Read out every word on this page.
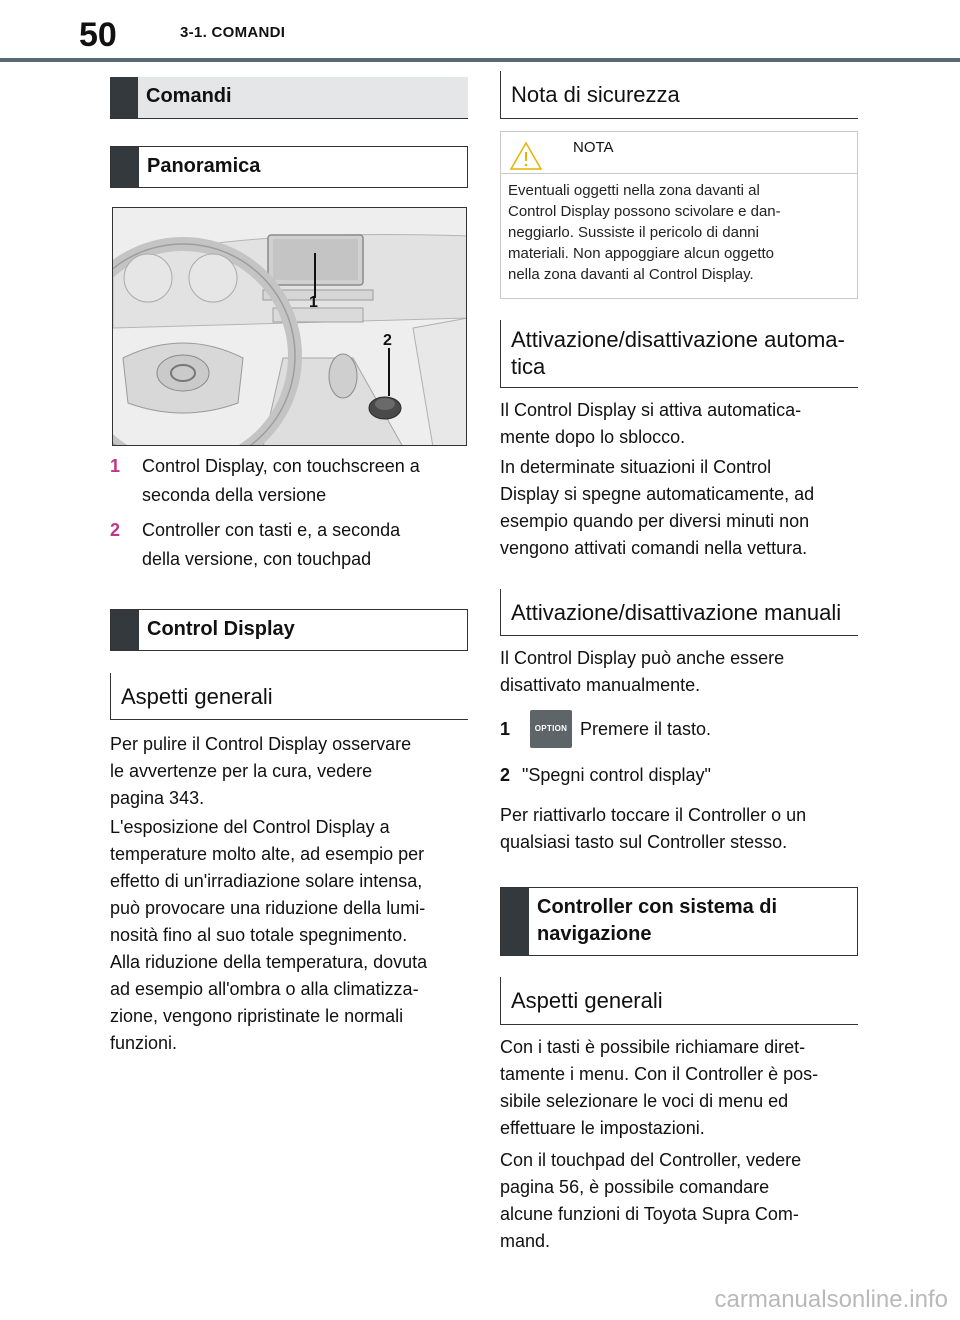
50	3-1. COMANDI
Comandi
Panoramica
1
2
1	Control Display, con touchscreen a
seconda della versione
2	Controller con tasti e, a seconda
della versione, con touchpad
Control Display
Aspetti generali
Per pulire il Control Display osservare
le avvertenze per la cura, vedere
pagina 343.
L'esposizione del Control Display a
temperature molto alte, ad esempio per
effetto di un'irradiazione solare intensa,
può provocare una riduzione della lumi-
nosità fino al suo totale spegnimento.
Alla riduzione della temperatura, dovuta
ad esempio all'ombra o alla climatizza-
zione, vengono ripristinate le normali
funzioni.
Nota di sicurezza
NOTA
Eventuali oggetti nella zona davanti al
Control Display possono scivolare e dan-
neggiarlo. Sussiste il pericolo di danni
materiali. Non appoggiare alcun oggetto
nella zona davanti al Control Display.
Attivazione/disattivazione automa-
tica
Il Control Display si attiva automatica-
mente dopo lo sblocco.
In determinate situazioni il Control
Display si spegne automaticamente, ad
esempio quando per diversi minuti non
vengono attivati comandi nella vettura.
Attivazione/disattivazione manuali
Il Control Display può anche essere
disattivato manualmente.
1	OPTION Premere il tasto.
2 "Spegni control display"
Per riattivarlo toccare il Controller o un
qualsiasi tasto sul Controller stesso.
Controller con sistema di
navigazione
Aspetti generali
Con i tasti è possibile richiamare diret-
tamente i menu. Con il Controller è pos-
sibile selezionare le voci di menu ed
effettuare le impostazioni.
Con il touchpad del Controller, vedere
pagina 56, è possibile comandare
alcune funzioni di Toyota Supra Com-
mand.
carmanualsonline.info
